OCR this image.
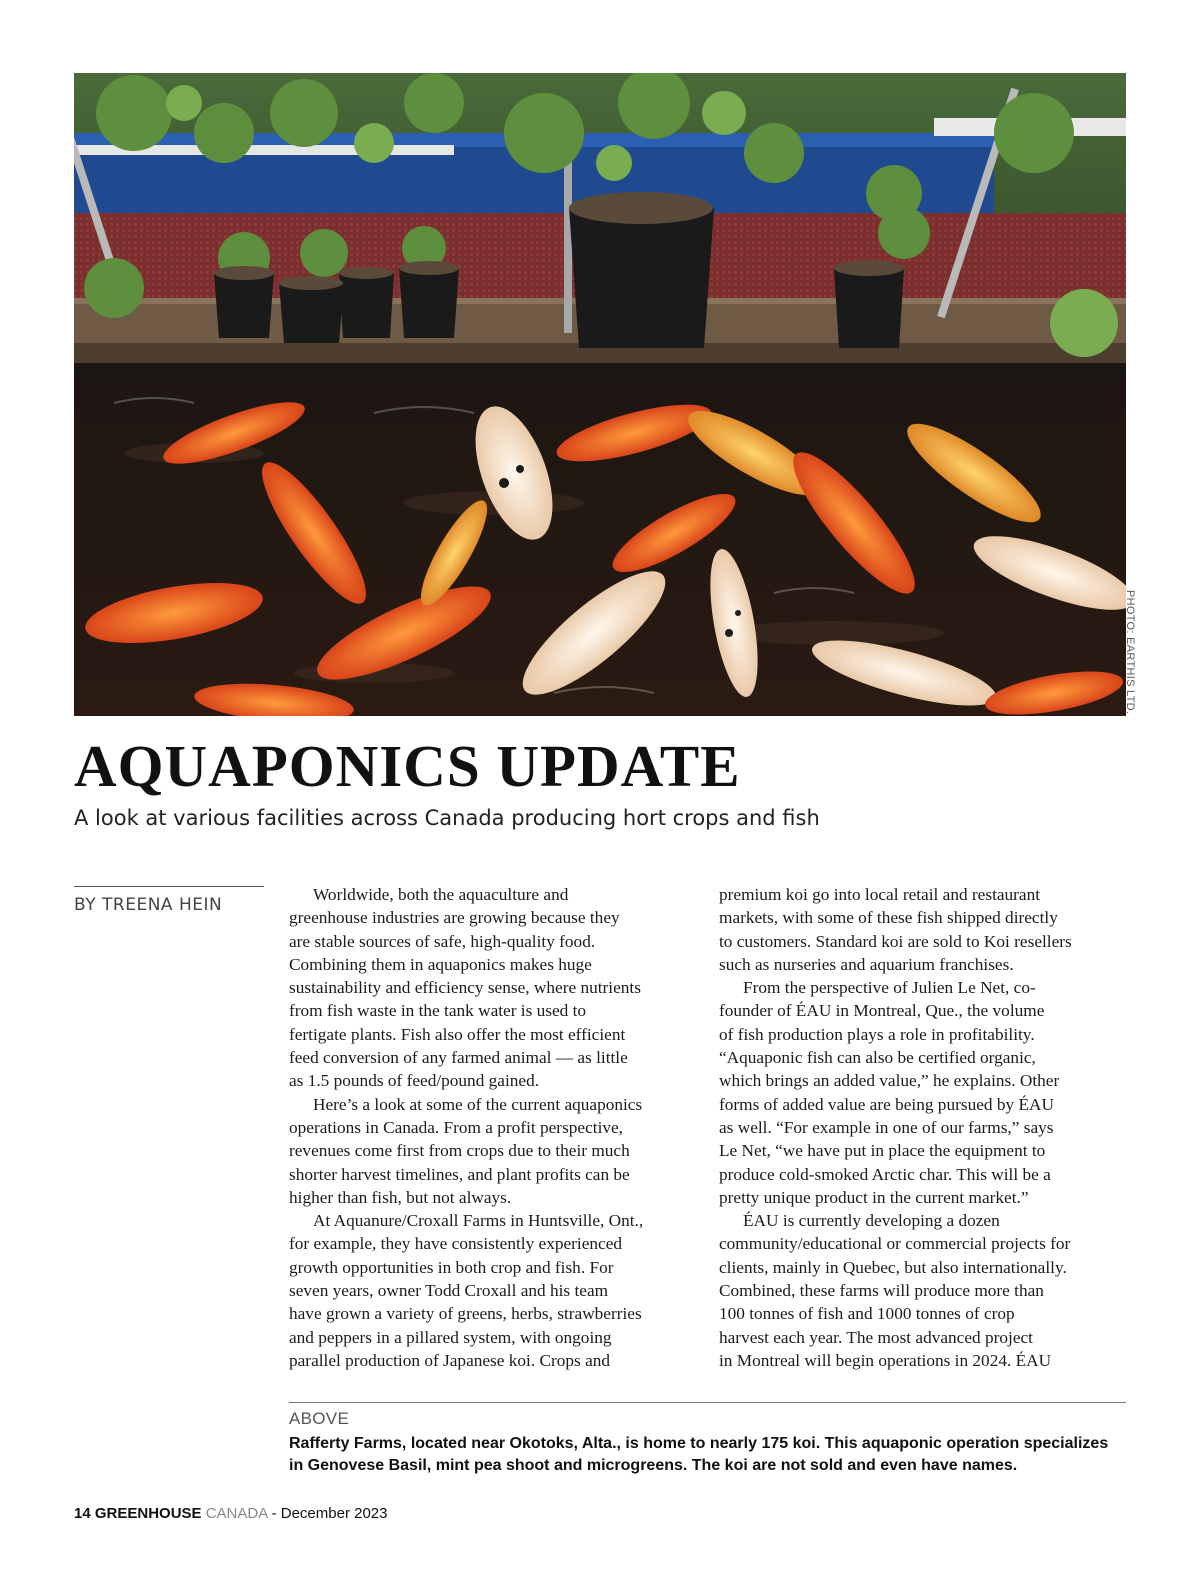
PHOTO: EARTHIS LTD.
AQUAPONICS UPDATE

A look at various facilities across Canada producing hort crops and fish

BY TREENA HEIN

Worldwide, both the aquaculture and
greenhouse industries are growing because they
are stable sources of safe, high-quality food.
Combining them in aquaponics makes huge
sustainability and efficiency sense, where nutrients
from fish waste in the tank water is used to
fertigate plants. Fish also offer the most efficient
feed conversion of any farmed animal — as little
as 1.5 pounds of feed/pound gained.

Here’s a look at some of the current aquaponics
operations in Canada. From a profit perspective,
revenues come first from crops due to their much
shorter harvest timelines, and plant profits can be
higher than fish, but not always.

At Aquanure/Croxall Farms in Huntsville, Ont.,
for example, they have consistently experienced
growth opportunities in both crop and fish. For
seven years, owner Todd Croxall and his team
have grown a variety of greens, herbs, strawberries
and peppers in a pillared system, with ongoing
parallel production of Japanese koi. Crops and

premium koi go into local retail and restaurant
markets, with some of these fish shipped directly
to customers. Standard koi are sold to Koi resellers
such as nurseries and aquarium franchises.

From the perspective of Julien Le Net, co-
founder of ÉAU in Montreal, Que., the volume
of fish production plays a role in profitability.
“Aquaponic fish can also be certified organic,
which brings an added value,” he explains. Other
forms of added value are being pursued by ÉAU
as well. “For example in one of our farms,” says
Le Net, “we have put in place the equipment to
produce cold-smoked Arctic char. This will be a
pretty unique product in the current market.”

ÉAU is currently developing a dozen
community/educational or commercial projects for
clients, mainly in Quebec, but also internationally.
Combined, these farms will produce more than
100 tonnes of fish and 1000 tonnes of crop
harvest each year. The most advanced project
in Montreal will begin operations in 2024. ÉAU

ABOVE
Rafferty Farms, located near Okotoks, Alta., is home to nearly 175 koi. This aquaponic operation specializes
in Genovese Basil, mint pea shoot and microgreens. The koi are not sold and even have names.
14 GREENHOUSE CANADA - December 2023
